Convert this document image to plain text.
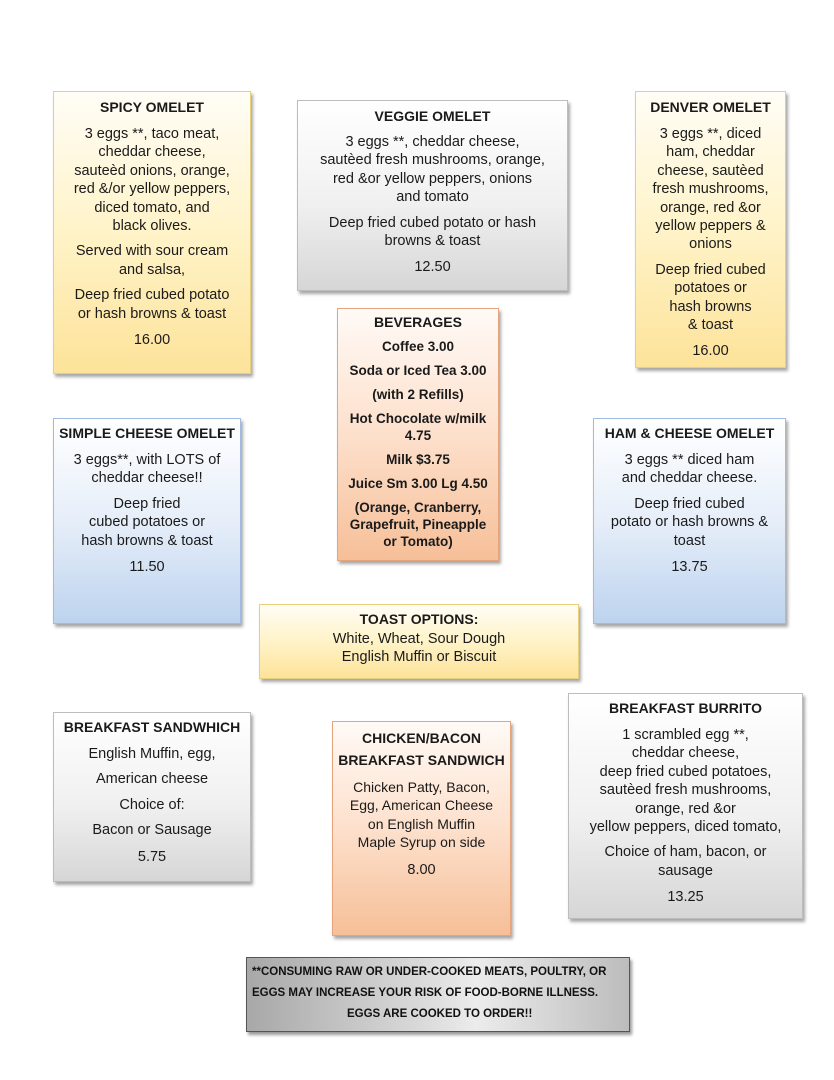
SPICY OMELET
3 eggs **, taco meat,
cheddar cheese,
sauteèd onions, orange,
red &/or yellow peppers,
diced tomato, and
black olives.
Served with sour cream
and salsa,
Deep fried cubed potato
or hash browns & toast
16.00
VEGGIE OMELET
3 eggs **, cheddar cheese,
sautèed fresh mushrooms, orange,
red &or yellow peppers, onions
and tomato
Deep fried cubed potato or hash
browns & toast
12.50
DENVER OMELET
3 eggs **, diced
ham, cheddar
cheese, sautèed
fresh mushrooms,
orange, red &or
yellow peppers &
onions
Deep fried cubed
potatoes or
hash browns
& toast
16.00
BEVERAGES
Coffee 3.00
Soda or Iced Tea 3.00
(with 2 Refills)
Hot Chocolate w/milk
4.75
Milk $3.75
Juice Sm 3.00 Lg 4.50
(Orange, Cranberry,
Grapefruit, Pineapple
or Tomato)
SIMPLE CHEESE OMELET
3 eggs**, with LOTS of
cheddar cheese!!
Deep fried
cubed potatoes or
hash browns & toast
11.50
HAM & CHEESE OMELET
3 eggs ** diced ham
and cheddar cheese.
Deep fried cubed
potato or hash browns &
toast
13.75
TOAST OPTIONS:
White, Wheat, Sour Dough
English Muffin or Biscuit
BREAKFAST SANDWHICH
English Muffin, egg,
American cheese
Choice of:
Bacon or Sausage
5.75
CHICKEN/BACON
BREAKFAST SANDWICH
Chicken Patty, Bacon,
Egg, American Cheese
on English Muffin
Maple Syrup on side
8.00
BREAKFAST BURRITO
1 scrambled egg **,
cheddar cheese,
deep fried cubed potatoes,
sautèed fresh mushrooms,
orange, red &or
yellow peppers, diced tomato,
Choice of ham, bacon, or
sausage
13.25
**CONSUMING RAW OR UNDER-COOKED MEATS, POULTRY, OR
EGGS MAY INCREASE YOUR RISK OF FOOD-BORNE ILLNESS.
EGGS ARE COOKED TO ORDER!!
